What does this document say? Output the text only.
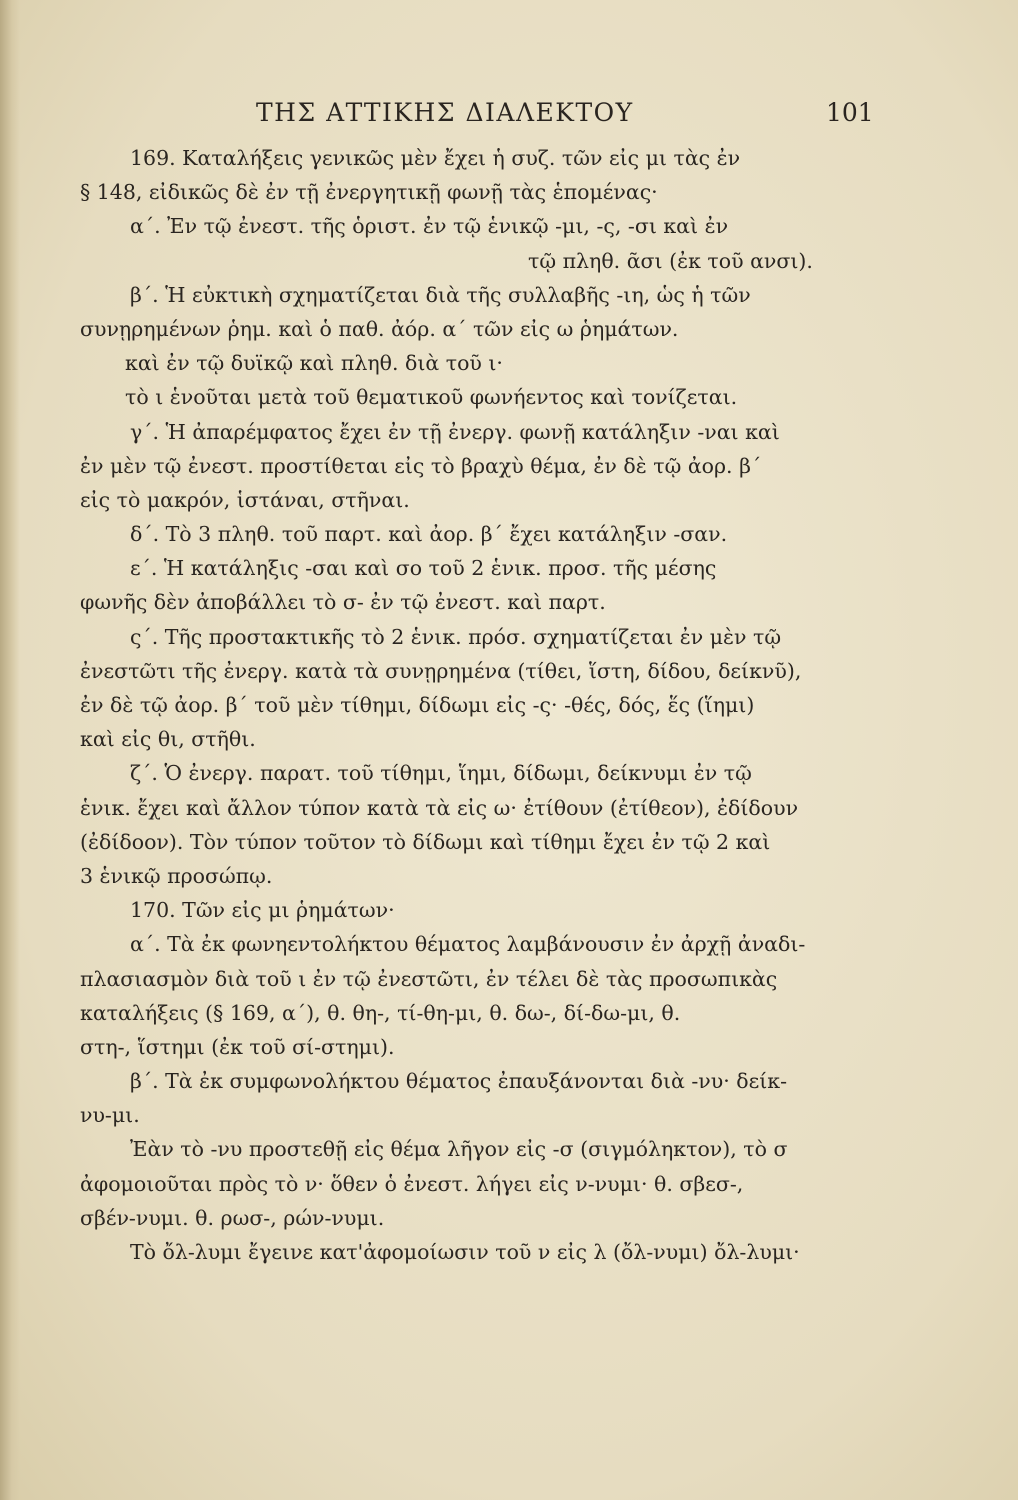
ΤΗΣ ΑΤΤΙΚΗΣ ΔΙΑΛΕΚΤΟΥ	101
169. Καταλήξεις γενικῶς μὲν ἔχει ἡ συζ. τῶν εἰς μι τὰς ἐν
§ 148, εἰδικῶς δὲ ἐν τῇ ἐνεργητικῇ φωνῇ τὰς ἑπομένας·
α΄. Ἐν τῷ ἐνεστ. τῆς ὁριστ. ἐν τῷ ἑνικῷ -μι, -ς, -σι καὶ ἐν
τῷ πληθ. ᾶσι (ἐκ τοῦ ανσι).
β΄. Ἡ εὐκτικὴ σχηματίζεται διὰ τῆς συλλαβῆς -ιη, ὡς ἡ τῶν
συνῃρημένων ῥημ. καὶ ὁ παθ. ἀόρ. α΄ τῶν εἰς ω ῥημάτων.
καὶ ἐν τῷ δυϊκῷ καὶ πληθ. διὰ τοῦ ι·
τὸ ι ἑνοῦται μετὰ τοῦ θεματικοῦ φωνήεντος καὶ τονίζεται.
γ΄. Ἡ ἀπαρέμφατος ἔχει ἐν τῇ ἐνεργ. φωνῇ κατάληξιν -ναι καὶ
ἐν μὲν τῷ ἐνεστ. προστίθεται εἰς τὸ βραχὺ θέμα, ἐν δὲ τῷ ἀορ. β΄
εἰς τὸ μακρόν, ἱστάναι, στῆναι.
δ΄. Τὸ 3 πληθ. τοῦ παρτ. καὶ ἀορ. β΄ ἔχει κατάληξιν -σαν.
ε΄. Ἡ κατάληξις -σαι καὶ σο τοῦ 2 ἑνικ. προσ. τῆς μέσης
φωνῆς δὲν ἀποβάλλει τὸ σ- ἐν τῷ ἐνεστ. καὶ παρτ.
ς΄. Τῆς προστακτικῆς τὸ 2 ἑνικ. πρόσ. σχηματίζεται ἐν μὲν τῷ
ἐνεστῶτι τῆς ἐνεργ. κατὰ τὰ συνῃρημένα (τίθει, ἵστη, δίδου, δείκνῦ),
ἐν δὲ τῷ ἀορ. β΄ τοῦ μὲν τίθημι, δίδωμι εἰς -ς· -θές, δός, ἕς (ἵημι)
καὶ εἰς θι, στῆθι.
ζ΄. Ὁ ἐνεργ. παρατ. τοῦ τίθημι, ἵημι, δίδωμι, δείκνυμι ἐν τῷ
ἑνικ. ἔχει καὶ ἄλλον τύπον κατὰ τὰ εἰς ω· ἐτίθουν (ἐτίθεον), ἐδίδουν
(ἐδίδοον). Τὸν τύπον τοῦτον τὸ δίδωμι καὶ τίθημι ἔχει ἐν τῷ 2 καὶ
3 ἑνικῷ προσώπῳ.
170. Τῶν εἰς μι ῥημάτων·
α΄. Τὰ ἐκ φωνηεντολήκτου θέματος λαμβάνουσιν ἐν ἀρχῇ ἀναδι-
πλασιασμὸν διὰ τοῦ ι ἐν τῷ ἐνεστῶτι, ἐν τέλει δὲ τὰς προσωπικὰς
καταλήξεις (§ 169, α΄), θ. θη-, τί-θη-μι, θ. δω-, δί-δω-μι, θ.
στη-, ἵστημι (ἐκ τοῦ σί-στημι).
β΄. Τὰ ἐκ συμφωνολήκτου θέματος ἐπαυξάνονται διὰ -νυ· δείκ-
νυ-μι.
Ἐὰν τὸ -νυ προστεθῇ εἰς θέμα λῆγον εἰς -σ (σιγμόληκτον), τὸ σ
ἀφομοιοῦται πρὸς τὸ ν· ὅθεν ὁ ἐνεστ. λήγει εἰς ν-νυμι· θ. σβεσ-,
σβέν-νυμι. θ. ρωσ-, ρών-νυμι.
Τὸ ὄλ-λυμι ἔγεινε κατ'ἀφομοίωσιν τοῦ ν εἰς λ (ὄλ-νυμι) ὄλ-λυμι·
